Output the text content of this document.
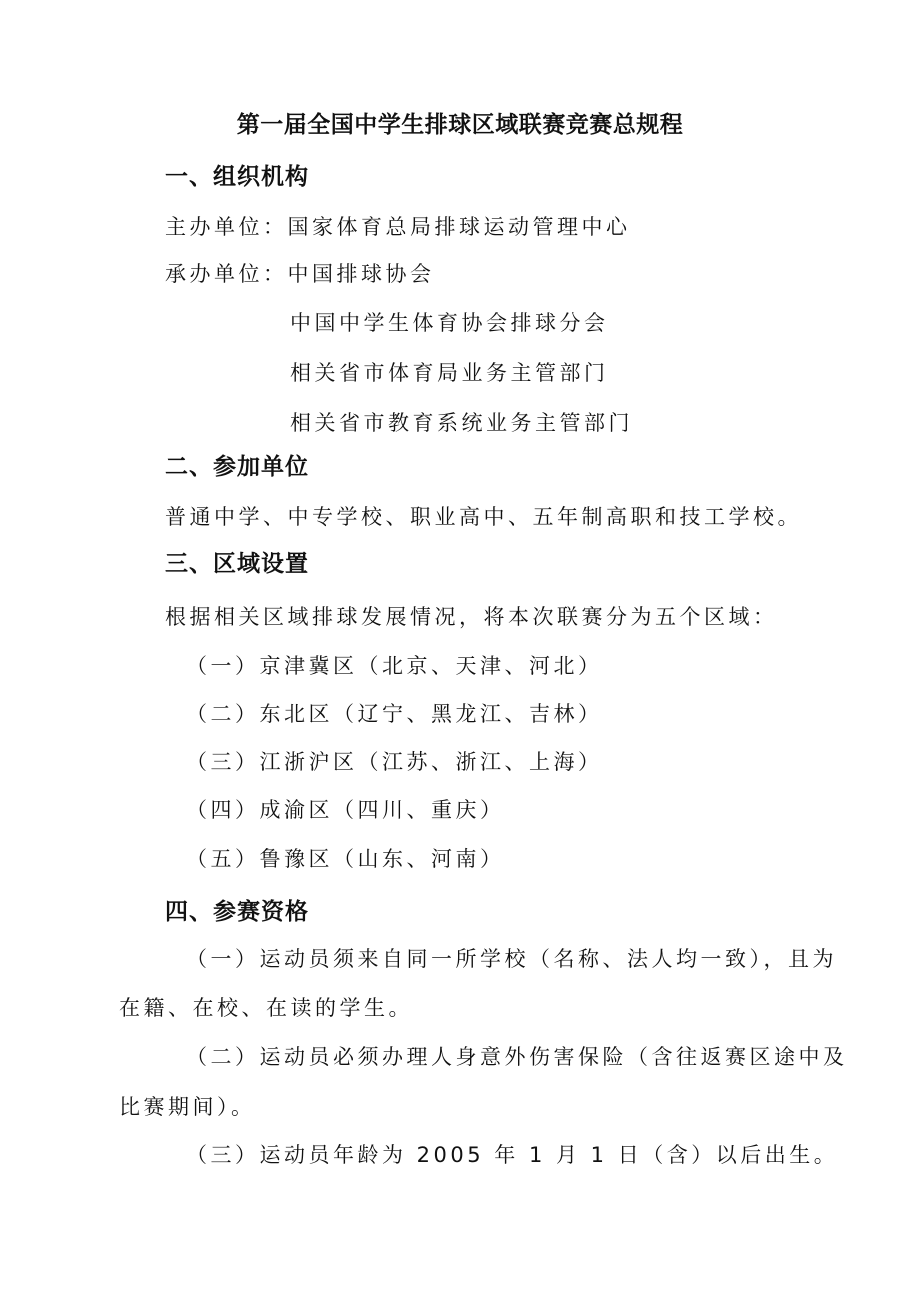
第一届全国中学生排球区域联赛竞赛总规程
一、组织机构

主办单位：国家体育总局排球运动管理中心

承办单位：中国排球协会

中国中学生体育协会排球分会

相关省市体育局业务主管部门

相关省市教育系统业务主管部门

二、参加单位

普通中学、中专学校、职业高中、五年制高职和技工学校。

三、区域设置

根据相关区域排球发展情况，将本次联赛分为五个区域：

（一）京津冀区（北京、天津、河北）

（二）东北区（辽宁、黑龙江、吉林）

（三）江浙沪区（江苏、浙江、上海）

（四）成渝区（四川、重庆）

（五）鲁豫区（山东、河南）

四、参赛资格

（一）运动员须来自同一所学校（名称、法人均一致），且为

在籍、在校、在读的学生。

（二）运动员必须办理人身意外伤害保险（含往返赛区途中及

比赛期间）。

（三）运动员年龄为 2005 年 1 月 1 日（含）以后出生。
